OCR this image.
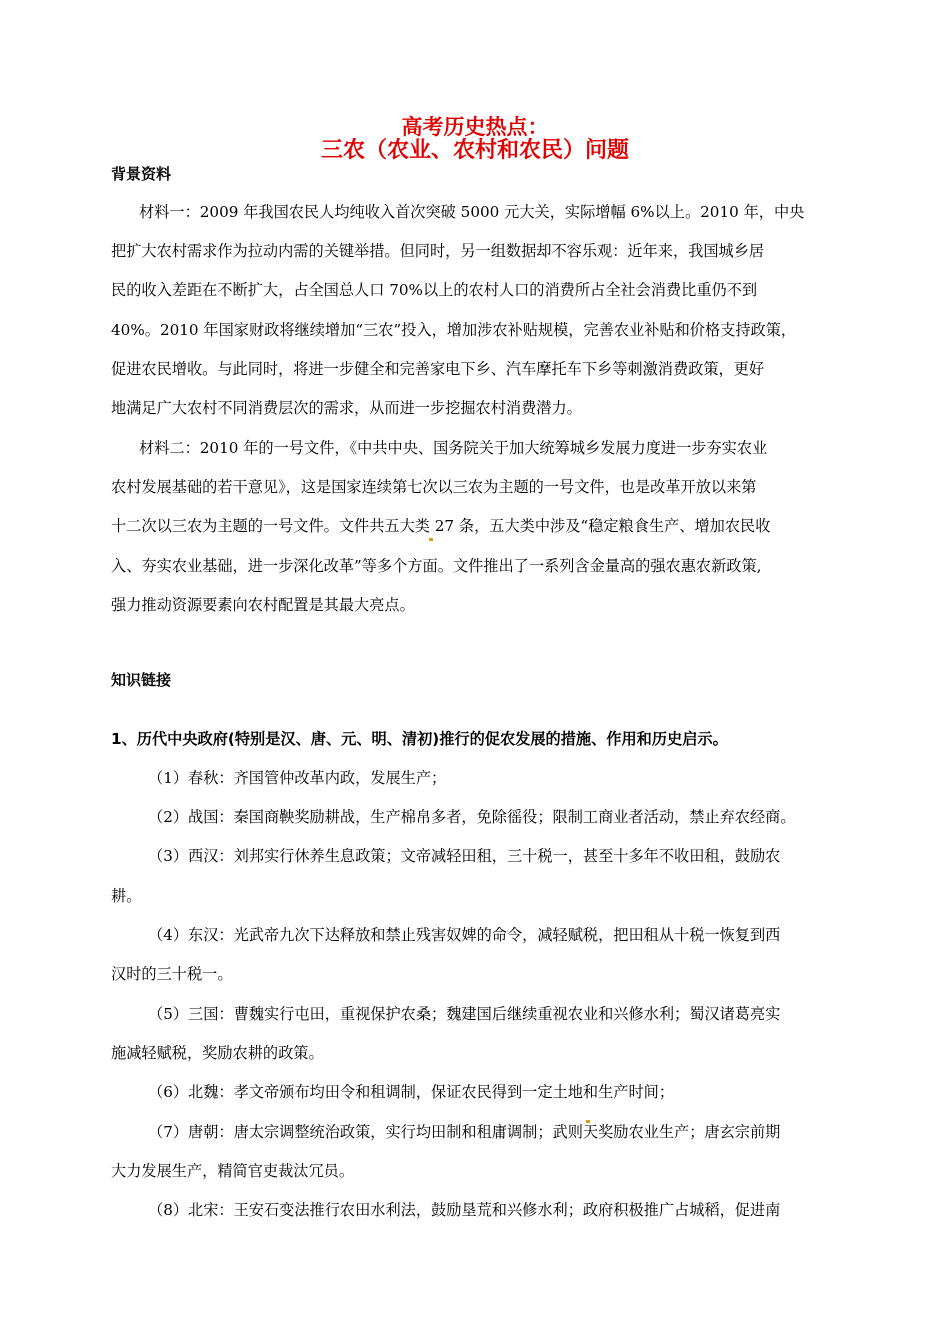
高考历史热点：
三农（农业、农村和农民）问题
背景资料
材料一：2009 年我国农民人均纯收入首次突破 5000 元大关，实际增幅 6%以上。2010 年，中央
把扩大农村需求作为拉动内需的关键举措。但同时，另一组数据却不容乐观：近年来，我国城乡居
民的收入差距在不断扩大，占全国总人口 70%以上的农村人口的消费所占全社会消费比重仍不到
40%。2010 年国家财政将继续增加“三农”投入，增加涉农补贴规模，完善农业补贴和价格支持政策，
促进农民增收。与此同时，将进一步健全和完善家电下乡、汽车摩托车下乡等刺激消费政策，更好
地满足广大农村不同消费层次的需求，从而进一步挖掘农村消费潜力。
材料二：2010 年的一号文件，《中共中央、国务院关于加大统筹城乡发展力度进一步夯实农业
农村发展基础的若干意见》，这是国家连续第七次以三农为主题的一号文件，也是改革开放以来第
十二次以三农为主题的一号文件。文件共五大类 27 条，五大类中涉及“稳定粮食生产、增加农民收
入、夯实农业基础，进一步深化改革”等多个方面。文件推出了一系列含金量高的强农惠农新政策,
强力推动资源要素向农村配置是其最大亮点。
知识链接
1、历代中央政府(特别是汉、唐、元、明、清初)推行的促农发展的措施、作用和历史启示。
（1）春秋：齐国管仲改革内政，发展生产；
（2）战国：秦国商鞅奖励耕战，生产棉帛多者，免除徭役；限制工商业者活动，禁止弃农经商。
（3）西汉：刘邦实行休养生息政策；文帝减轻田租，三十税一，甚至十多年不收田租，鼓励农
耕。
（4）东汉：光武帝九次下达释放和禁止残害奴婢的命令，减轻赋税，把田租从十税一恢复到西
汉时的三十税一。
（5）三国：曹魏实行屯田，重视保护农桑；魏建国后继续重视农业和兴修水利；蜀汉诸葛亮实
施减轻赋税，奖励农耕的政策。
（6）北魏：孝文帝颁布均田令和租调制，保证农民得到一定土地和生产时间；
（7）唐朝：唐太宗调整统治政策，实行均田制和租庸调制；武则天奖励农业生产；唐玄宗前期
大力发展生产，精简官吏裁汰冗员。
（8）北宋：王安石变法推行农田水利法，鼓励垦荒和兴修水利；政府积极推广占城稻，促进南
